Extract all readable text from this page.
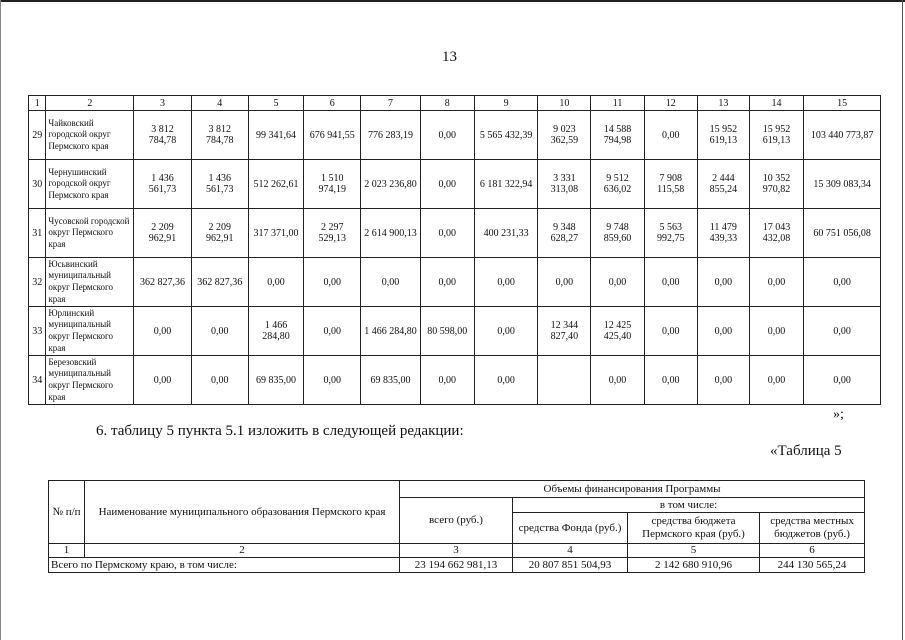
13
1	2	3	4	5	6	7	8	9	10	11	12	13	14	15
29	Чайковский городской округ Пермского края	3 812 784,78	3 812 784,78	99 341,64	676 941,55	776 283,19	0,00	5 565 432,39	9 023 362,59	14 588 794,98	0,00	15 952 619,13	15 952 619,13	103 440 773,87
30	Чернушинский городской округ Пермского края	1 436 561,73	1 436 561,73	512 262,61	1 510 974,19	2 023 236,80	0,00	6 181 322,94	3 331 313,08	9 512 636,02	7 908 115,58	2 444 855,24	10 352 970,82	15 309 083,34
31	Чусовской городской округ Пермского края	2 209 962,91	2 209 962,91	317 371,00	2 297 529,13	2 614 900,13	0,00	400 231,33	9 348 628,27	9 748 859,60	5 563 992,75	11 479 439,33	17 043 432,08	60 751 056,08
32	Юсьвинский муниципальный округ Пермского края	362 827,36	362 827,36	0,00	0,00	0,00	0,00	0,00	0,00	0,00	0,00	0,00	0,00	0,00
33	Юрлинский муниципальный округ Пермского края	0,00	0,00	1 466 284,80	0,00	1 466 284,80	80 598,00	0,00	12 344 827,40	12 425 425,40	0,00	0,00	0,00	0,00
34	Березовский муниципальный округ Пермского края	0,00	0,00	69 835,00	0,00	69 835,00	0,00	0,00		0,00	0,00	0,00	0,00	0,00
»;
6. таблицу 5 пункта 5.1 изложить в следующей редакции:
«Таблица 5
№ п/п	Наименование муниципального образования Пермского края	Объемы финансирования Программы			
		всего (руб.)	в том числе:		
			средства Фонда (руб.)	средства бюджета Пермского края (руб.)	средства местных бюджетов (руб.)
1	2	3	4	5	6
Всего по Пермскому краю, в том числе:		23 194 662 981,13	20 807 851 504,93	2 142 680 910,96	244 130 565,24
